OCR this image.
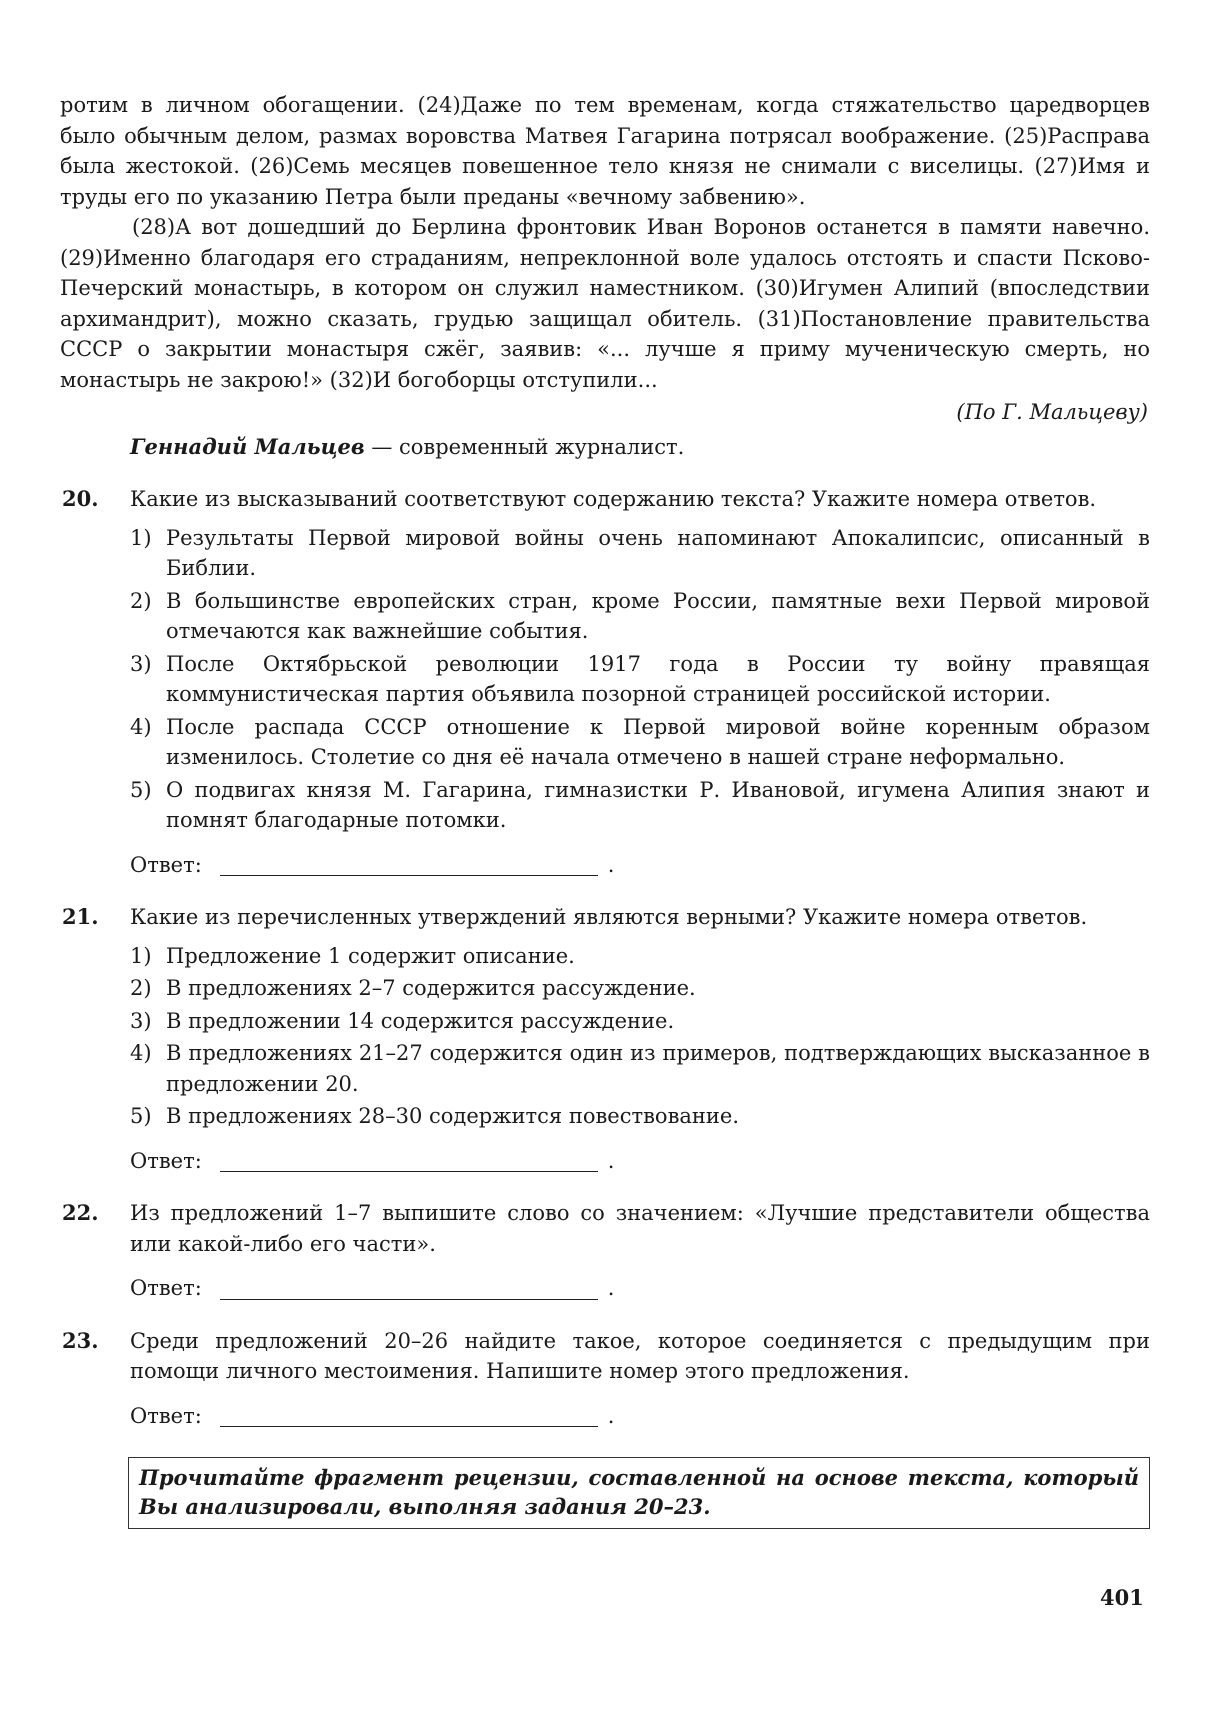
ротим в личном обогащении. (24)Даже по тем временам, когда стяжательство царедворцев было обычным делом, размах воровства Матвея Гагарина потрясал воображение. (25)Расправа была жестокой. (26)Семь месяцев повешенное тело князя не снимали с виселицы. (27)Имя и труды его по указанию Петра были преданы «вечному забвению».

(28)А вот дошедший до Берлина фронтовик Иван Воронов останется в памяти навечно. (29)Именно благодаря его страданиям, непреклонной воле удалось отстоять и спасти Псково-Печерский монастырь, в котором он служил наместником. (30)Игумен Алипий (впоследствии архимандрит), можно сказать, грудью защищал обитель. (31)Постановление правительства СССР о закрытии монастыря сжёг, заявив: «... лучше я приму мученическую смерть, но монастырь не закрою!» (32)И богоборцы отступили...

(По Г. Мальцеву)
Геннадий Мальцев — современный журналист.
20. Какие из высказываний соответствуют содержанию текста? Укажите номера ответов.

1) Результаты Первой мировой войны очень напоминают Апокалипсис, описанный в Библии.
2) В большинстве европейских стран, кроме России, памятные вехи Первой мировой отмечаются как важнейшие события.
3) После Октябрьской революции 1917 года в России ту войну правящая коммунистическая партия объявила позорной страницей российской истории.
4) После распада СССР отношение к Первой мировой войне коренным образом изменилось. Столетие со дня её начала отмечено в нашей стране неформально.
5) О подвигах князя М. Гагарина, гимназистки Р. Ивановой, игумена Алипия знают и помнят благодарные потомки.
Ответ:	.
21. Какие из перечисленных утверждений являются верными? Укажите номера ответов.

1) Предложение 1 содержит описание.
2) В предложениях 2–7 содержится рассуждение.
3) В предложении 14 содержится рассуждение.
4) В предложениях 21–27 содержится один из примеров, подтверждающих высказанное в предложении 20.
5) В предложениях 28–30 содержится повествование.
Ответ:	.
22. Из предложений 1–7 выпишите слово со значением: «Лучшие представители общества или какой-либо его части».

Ответ:	.
23. Среди предложений 20–26 найдите такое, которое соединяется с предыдущим при помощи личного местоимения. Напишите номер этого предложения.

Ответ:	.
Прочитайте фрагмент рецензии, составленной на основе текста, который Вы анализировали, выполняя задания 20–23.
401
